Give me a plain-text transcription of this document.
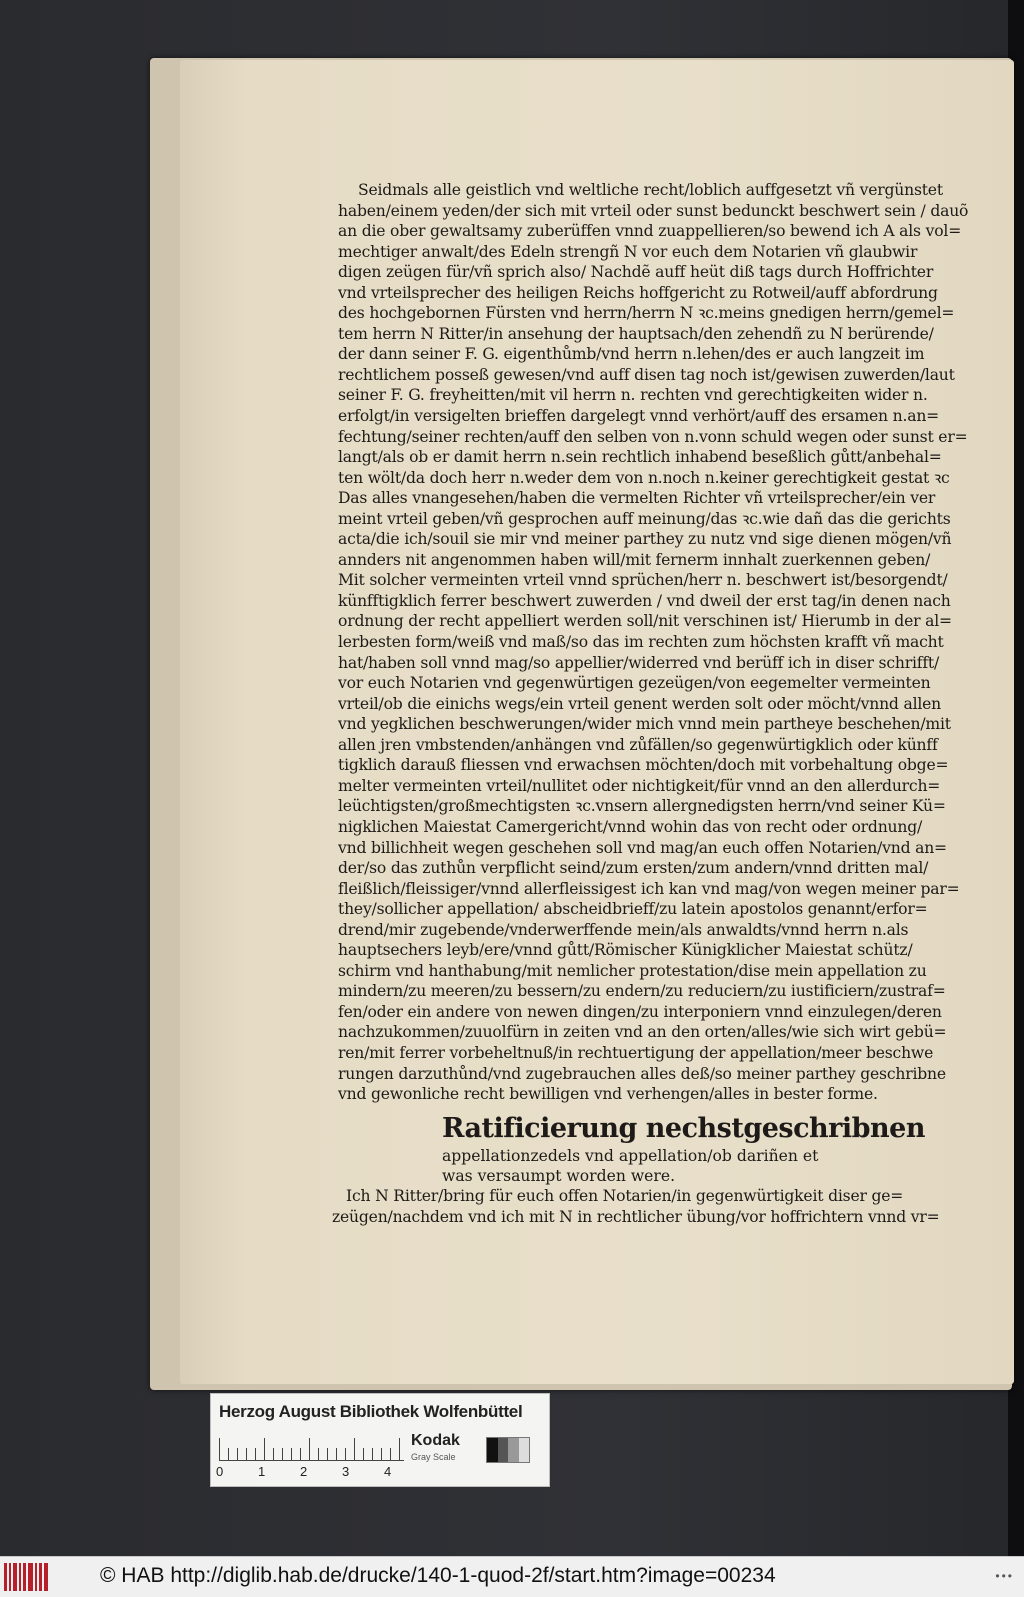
Seidmals alle geistlich vnd weltliche recht/loblich auffgesetzt vñ vergünstet
haben/einem yeden/der sich mit vrteil oder sunst bedunckt beschwert sein / dauõ
an die ober gewaltsamy zuberüffen vnnd zuappellieren/so bewend ich A als vol=
mechtiger anwalt/des Edeln strengñ N vor euch dem Notarien vñ glaubwir
digen zeügen für/vñ sprich also/ Nachdẽ auff heüt diß tags durch Hoffrichter
vnd vrteilsprecher des heiligen Reichs hoffgericht zu Rotweil/auff abfordrung
des hochgebornen Fürsten vnd herrn/herrn N ꝛc.meins gnedigen herrn/gemel=
tem herrn N Ritter/in ansehung der hauptsach/den zehendñ zu N berürende/
der dann seiner F. G. eigenthůmb/vnd herrn n.lehen/des er auch langzeit im
rechtlichem posseß gewesen/vnd auff disen tag noch ist/gewisen zuwerden/laut
seiner F. G. freyheitten/mit vil herrn n. rechten vnd gerechtigkeiten wider n.
erfolgt/in versigelten brieffen dargelegt vnnd verhört/auff des ersamen n.an=
fechtung/seiner rechten/auff den selben von n.vonn schuld wegen oder sunst er=
langt/als ob er damit herrn n.sein rechtlich inhabend beseßlich gůtt/anbehal=
ten wölt/da doch herr n.weder dem von n.noch n.keiner gerechtigkeit gestat ꝛc
Das alles vnangesehen/haben die vermelten Richter vñ vrteilsprecher/ein ver
meint vrteil geben/vñ gesprochen auff meinung/das ꝛc.wie dañ das die gerichts
acta/die ich/souil sie mir vnd meiner parthey zu nutz vnd sige dienen mögen/vñ
annders nit angenommen haben will/mit fernerm innhalt zuerkennen geben/
Mit solcher vermeinten vrteil vnnd sprüchen/herr n. beschwert ist/besorgendt/
künfftigklich ferrer beschwert zuwerden / vnd dweil der erst tag/in denen nach
ordnung der recht appelliert werden soll/nit verschinen ist/ Hierumb in der al=
lerbesten form/weiß vnd maß/so das im rechten zum höchsten krafft vñ macht
hat/haben soll vnnd mag/so appellier/widerred vnd berüff ich in diser schrifft/
vor euch Notarien vnd gegenwürtigen gezeügen/von eegemelter vermeinten
vrteil/ob die einichs wegs/ein vrteil genent werden solt oder möcht/vnnd allen
vnd yegklichen beschwerungen/wider mich vnnd mein partheye beschehen/mit
allen jren vmbstenden/anhängen vnd zůfällen/so gegenwürtigklich oder künff
tigklich darauß fliessen vnd erwachsen möchten/doch mit vorbehaltung obge=
melter vermeinten vrteil/nullitet oder nichtigkeit/für vnnd an den allerdurch=
leüchtigsten/großmechtigsten ꝛc.vnsern allergnedigsten herrn/vnd seiner Kü=
nigklichen Maiestat Camergericht/vnnd wohin das von recht oder ordnung/
vnd billichheit wegen geschehen soll vnd mag/an euch offen Notarien/vnd an=
der/so das zuthůn verpflicht seind/zum ersten/zum andern/vnnd dritten mal/
fleißlich/fleissiger/vnnd allerfleissigest ich kan vnd mag/von wegen meiner par=
they/sollicher appellation/ abscheidbrieff/zu latein apostolos genannt/erfor=
drend/mir zugebende/vnderwerffende mein/als anwaldts/vnnd herrn n.als
hauptsechers leyb/ere/vnnd gůtt/Römischer Künigklicher Maiestat schütz/
schirm vnd hanthabung/mit nemlicher protestation/dise mein appellation zu
mindern/zu meeren/zu bessern/zu endern/zu reduciern/zu iustificiern/zustraf=
fen/oder ein andere von newen dingen/zu interponiern vnnd einzulegen/deren
nachzukommen/zuuolfürn in zeiten vnd an den orten/alles/wie sich wirt gebü=
ren/mit ferrer vorbeheltnuß/in rechtuertigung der appellation/meer beschwe
rungen darzuthůnd/vnd zugebrauchen alles deß/so meiner parthey geschribne
vnd gewonliche recht bewilligen vnd verhengen/alles in bester forme.
Ratificierung nechstgeschribnen
appellationzedels vnd appellation/ob dariñen et
was versaumpt worden were.
Ich N Ritter/bring für euch offen Notarien/in gegenwürtigkeit diser ge=
zeügen/nachdem vnd ich mit N in rechtlicher übung/vor hoffrichtern vnnd vr=
Herzog August Bibliothek Wolfenbüttel
0	1	2	3	4
Kodak
Gray Scale
© HAB http://diglib.hab.de/drucke/140-1-quod-2f/start.htm?image=00234	•••
